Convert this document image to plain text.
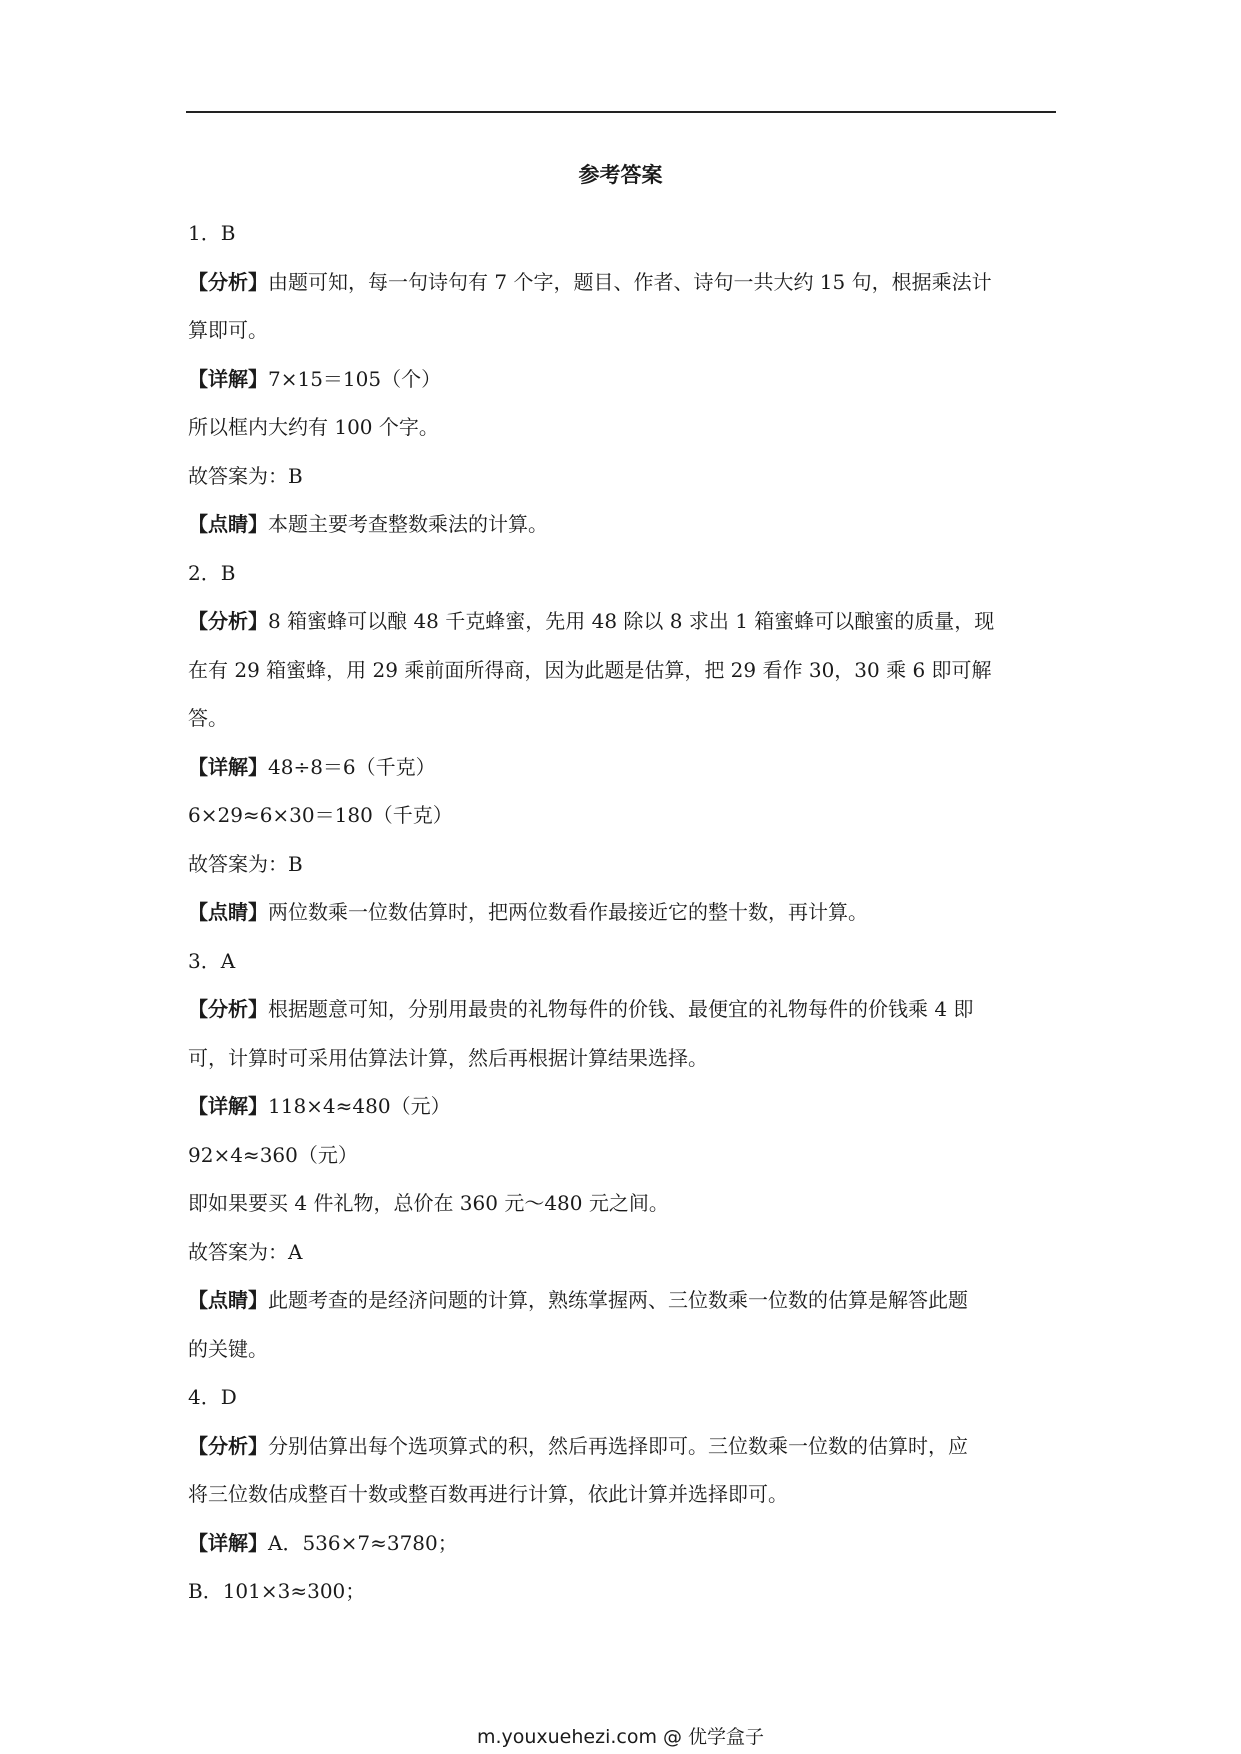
参考答案
1．B
【分析】由题可知，每一句诗句有 7 个字，题目、作者、诗句一共大约 15 句，根据乘法计
算即可。
【详解】7×15＝105（个）
所以框内大约有 100 个字。
故答案为：B
【点睛】本题主要考查整数乘法的计算。
2．B
【分析】8 箱蜜蜂可以酿 48 千克蜂蜜，先用 48 除以 8 求出 1 箱蜜蜂可以酿蜜的质量，现
在有 29 箱蜜蜂，用 29 乘前面所得商，因为此题是估算，把 29 看作 30，30 乘 6 即可解
答。
【详解】48÷8＝6（千克）
6×29≈6×30＝180（千克）
故答案为：B
【点睛】两位数乘一位数估算时，把两位数看作最接近它的整十数，再计算。
3．A
【分析】根据题意可知，分别用最贵的礼物每件的价钱、最便宜的礼物每件的价钱乘 4 即
可，计算时可采用估算法计算，然后再根据计算结果选择。
【详解】118×4≈480（元）
92×4≈360（元）
即如果要买 4 件礼物，总价在 360 元～480 元之间。
故答案为：A
【点睛】此题考查的是经济问题的计算，熟练掌握两、三位数乘一位数的估算是解答此题
的关键。
4．D
【分析】分别估算出每个选项算式的积，然后再选择即可。三位数乘一位数的估算时，应
将三位数估成整百十数或整百数再进行计算，依此计算并选择即可。
【详解】A．536×7≈3780；
B．101×3≈300；
m.youxuehezi.com @ 优学盒子
